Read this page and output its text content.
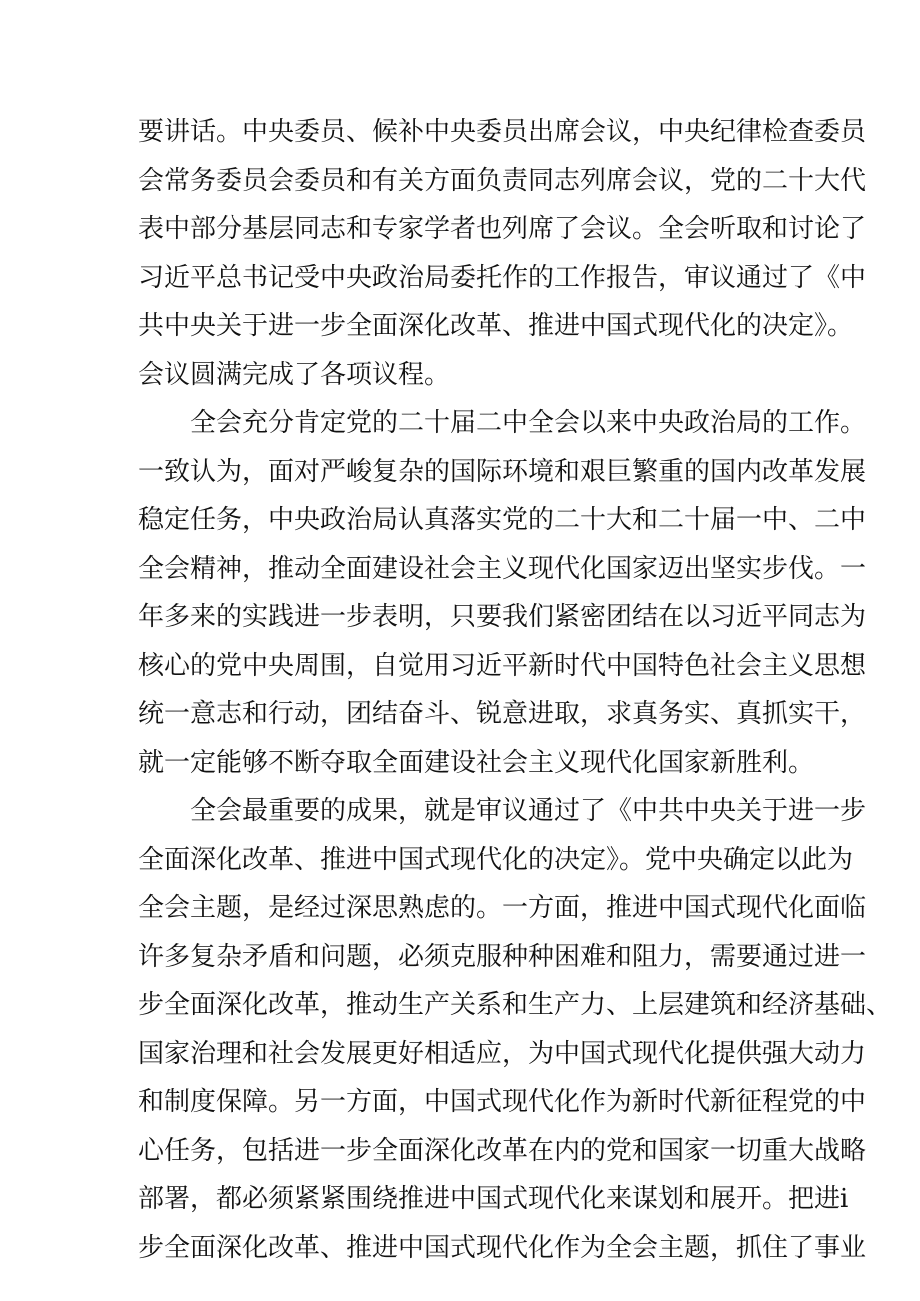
要讲话。中央委员、候补中央委员出席会议，中央纪律检查委员
会常务委员会委员和有关方面负责同志列席会议，党的二十大代
表中部分基层同志和专家学者也列席了会议。全会听取和讨论了
习近平总书记受中央政治局委托作的工作报告，审议通过了《中
共中央关于进一步全面深化改革、推进中国式现代化的决定》。
会议圆满完成了各项议程。
全会充分肯定党的二十届二中全会以来中央政治局的工作。
一致认为，面对严峻复杂的国际环境和艰巨繁重的国内改革发展
稳定任务，中央政治局认真落实党的二十大和二十届一中、二中
全会精神，推动全面建设社会主义现代化国家迈出坚实步伐。一
年多来的实践进一步表明，只要我们紧密团结在以习近平同志为
核心的党中央周围，自觉用习近平新时代中国特色社会主义思想
统一意志和行动，团结奋斗、锐意进取，求真务实、真抓实干，
就一定能够不断夺取全面建设社会主义现代化国家新胜利。
全会最重要的成果，就是审议通过了《中共中央关于进一步
全面深化改革、推进中国式现代化的决定》。党中央确定以此为
全会主题，是经过深思熟虑的。一方面，推进中国式现代化面临
许多复杂矛盾和问题，必须克服种种困难和阻力，需要通过进一
步全面深化改革，推动生产关系和生产力、上层建筑和经济基础、
国家治理和社会发展更好相适应，为中国式现代化提供强大动力
和制度保障。另一方面，中国式现代化作为新时代新征程党的中
心任务，包括进一步全面深化改革在内的党和国家一切重大战略
部署，都必须紧紧围绕推进中国式现代化来谋划和展开。把进i
步全面深化改革、推进中国式现代化作为全会主题，抓住了事业
